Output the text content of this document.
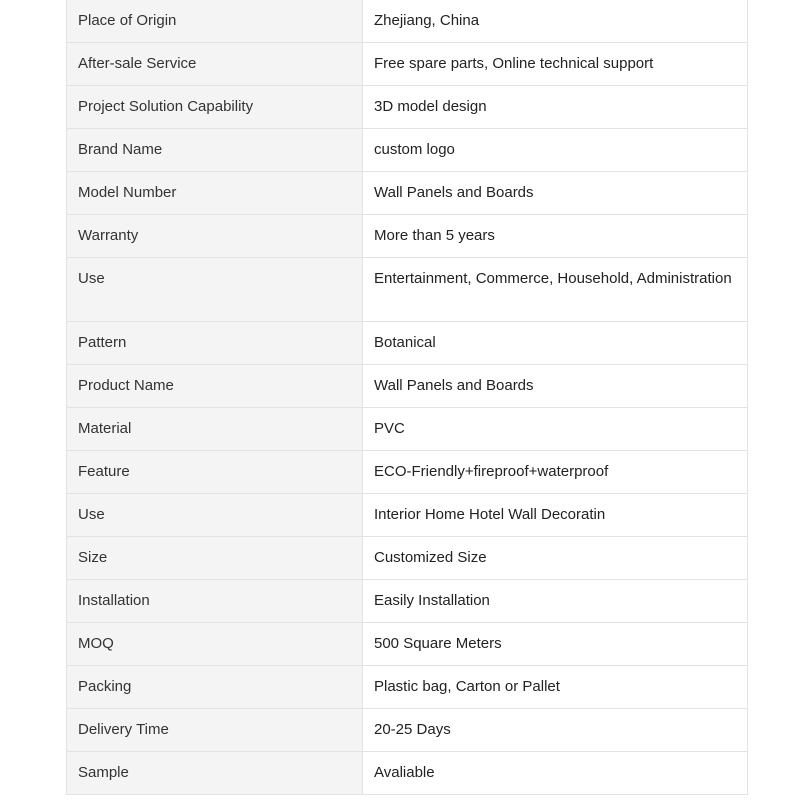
Place of Origin	Zhejiang, China
After-sale Service	Free spare parts, Online technical support
Project Solution Capability	3D model design
Brand Name	custom logo
Model Number	Wall Panels and Boards
Warranty	More than 5 years
Use	Entertainment, Commerce, Household, Administration
Pattern	Botanical
Product Name	Wall Panels and Boards
Material	PVC
Feature	ECO-Friendly+fireproof+waterproof
Use	Interior Home Hotel Wall Decoratin
Size	Customized Size
Installation	Easily Installation
MOQ	500 Square Meters
Packing	Plastic bag, Carton or Pallet
Delivery Time	20-25 Days
Sample	Avaliable
